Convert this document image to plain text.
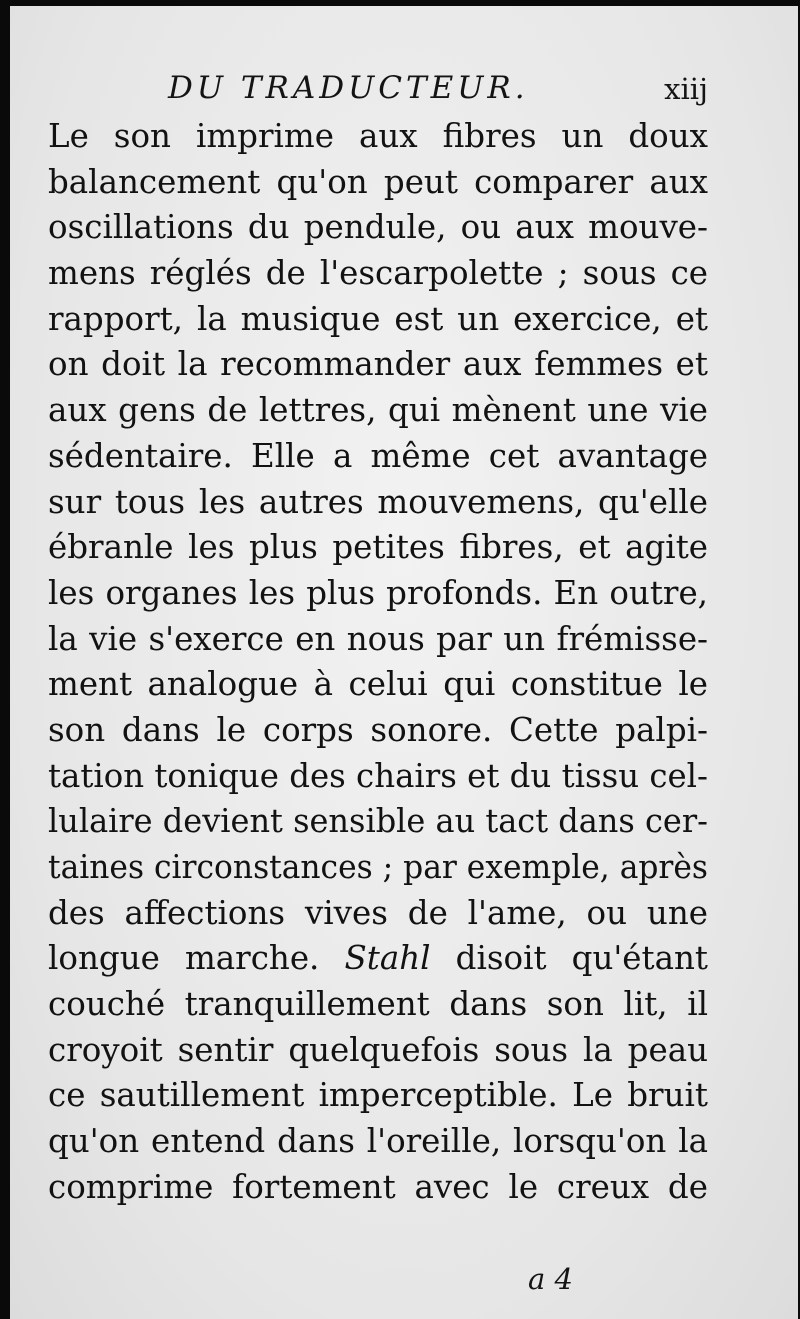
DU TRADUCTEUR.	xiij
Le son imprime aux fibres un doux
balancement qu'on peut comparer aux
oscillations du pendule, ou aux mouve-
mens réglés de l'escarpolette ; sous ce
rapport, la musique est un exercice, et
on doit la recommander aux femmes et
aux gens de lettres, qui mènent une vie
sédentaire. Elle a même cet avantage
sur tous les autres mouvemens, qu'elle
ébranle les plus petites fibres, et agite
les organes les plus profonds. En outre,
la vie s'exerce en nous par un frémisse-
ment analogue à celui qui constitue le
son dans le corps sonore. Cette palpi-
tation tonique des chairs et du tissu cel-
lulaire devient sensible au tact dans cer-
taines circonstances ; par exemple, après
des affections vives de l'ame, ou une
longue marche. Stahl disoit qu'étant
couché tranquillement dans son lit, il
croyoit sentir quelquefois sous la peau
ce sautillement imperceptible. Le bruit
qu'on entend dans l'oreille, lorsqu'on la
comprime fortement avec le creux de
a 4
